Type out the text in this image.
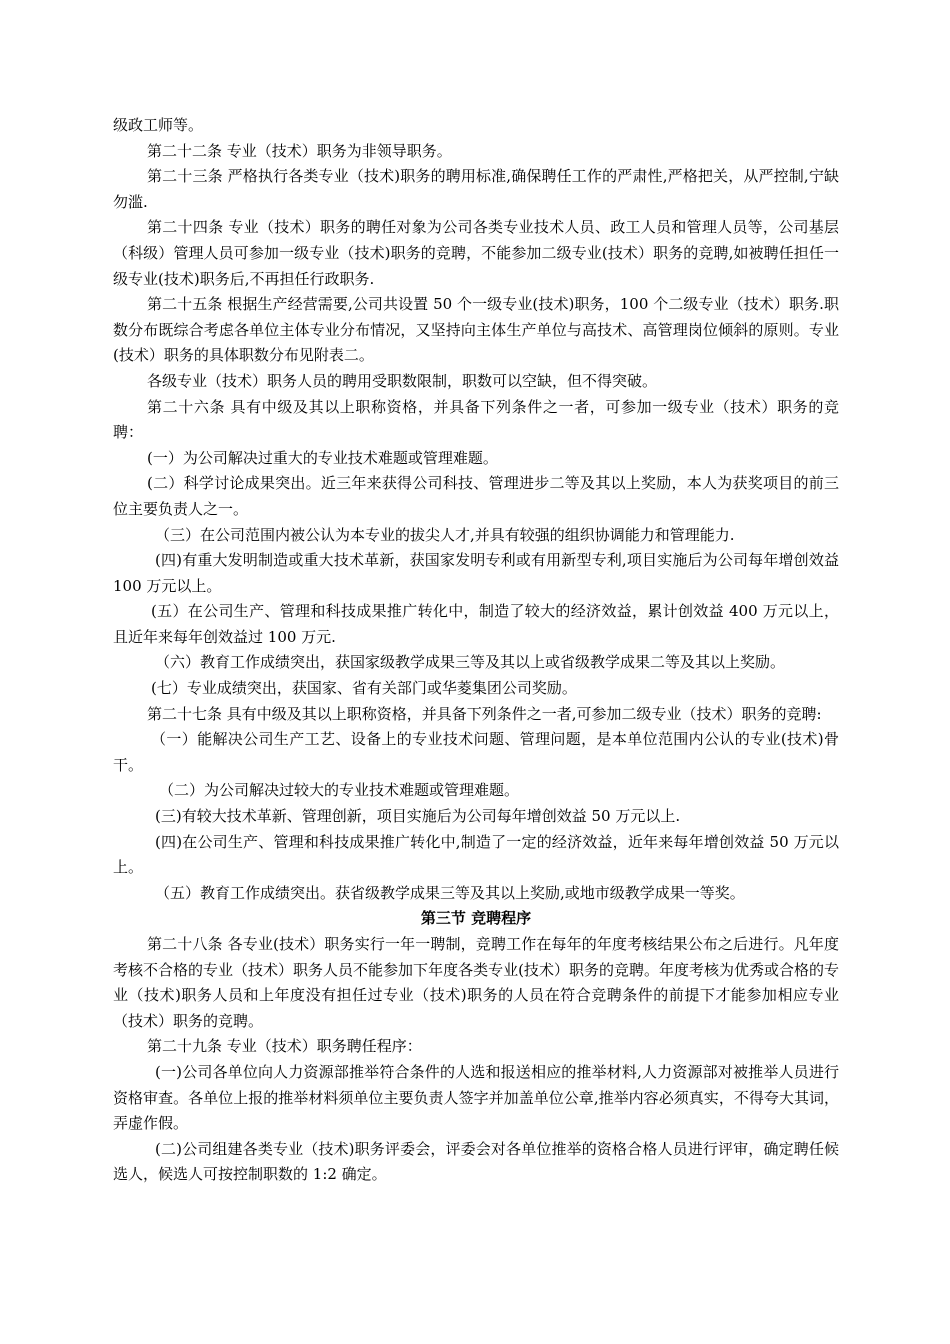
级政工师等。

第二十二条 专业（技术）职务为非领导职务。

第二十三条 严格执行各类专业（技术)职务的聘用标准,确保聘任工作的严肃性,严格把关，从严控制,宁缺勿滥.

第二十四条 专业（技术）职务的聘任对象为公司各类专业技术人员、政工人员和管理人员等，公司基层（科级）管理人员可参加一级专业（技术)职务的竞聘，不能参加二级专业(技术）职务的竞聘,如被聘任担任一级专业(技术)职务后,不再担任行政职务.

第二十五条 根据生产经营需要,公司共设置 50 个一级专业(技术)职务，100 个二级专业（技术）职务.职数分布既综合考虑各单位主体专业分布情况，又坚持向主体生产单位与高技术、高管理岗位倾斜的原则。专业(技术）职务的具体职数分布见附表二。

各级专业（技术）职务人员的聘用受职数限制，职数可以空缺，但不得突破。

第二十六条 具有中级及其以上职称资格，并具备下列条件之一者，可参加一级专业（技术）职务的竞聘：

(一）为公司解决过重大的专业技术难题或管理难题。

(二）科学讨论成果突出。近三年来获得公司科技、管理进步二等及其以上奖励，本人为获奖项目的前三位主要负责人之一。

（三）在公司范围内被公认为本专业的拔尖人才,并具有较强的组织协调能力和管理能力.

(四)有重大发明制造或重大技术革新，获国家发明专利或有用新型专利,项目实施后为公司每年增创效益 100 万元以上。

(五）在公司生产、管理和科技成果推广转化中，制造了较大的经济效益，累计创效益 400 万元以上，且近年来每年创效益过 100 万元.

（六）教育工作成绩突出，获国家级教学成果三等及其以上或省级教学成果二等及其以上奖励。

(七）专业成绩突出，获国家、省有关部门或华菱集团公司奖励。

第二十七条 具有中级及其以上职称资格，并具备下列条件之一者,可参加二级专业（技术）职务的竞聘:

（一）能解决公司生产工艺、设备上的专业技术问题、管理问题，是本单位范围内公认的专业(技术)骨干。

（二）为公司解决过较大的专业技术难题或管理难题。

(三)有较大技术革新、管理创新，项目实施后为公司每年增创效益 50 万元以上.

(四)在公司生产、管理和科技成果推广转化中,制造了一定的经济效益，近年来每年增创效益 50 万元以上。

（五）教育工作成绩突出。获省级教学成果三等及其以上奖励,或地市级教学成果一等奖。

第三节 竞聘程序

第二十八条 各专业(技术）职务实行一年一聘制，竞聘工作在每年的年度考核结果公布之后进行。凡年度考核不合格的专业（技术）职务人员不能参加下年度各类专业(技术）职务的竞聘。年度考核为优秀或合格的专业（技术)职务人员和上年度没有担任过专业（技术)职务的人员在符合竞聘条件的前提下才能参加相应专业（技术）职务的竞聘。

第二十九条 专业（技术）职务聘任程序：

(一)公司各单位向人力资源部推举符合条件的人选和报送相应的推举材料,人力资源部对被推举人员进行资格审查。各单位上报的推举材料须单位主要负责人签字并加盖单位公章,推举内容必须真实，不得夸大其词，弄虚作假。

(二)公司组建各类专业（技术)职务评委会，评委会对各单位推举的资格合格人员进行评审，确定聘任候选人，候选人可按控制职数的 1:2 确定。
